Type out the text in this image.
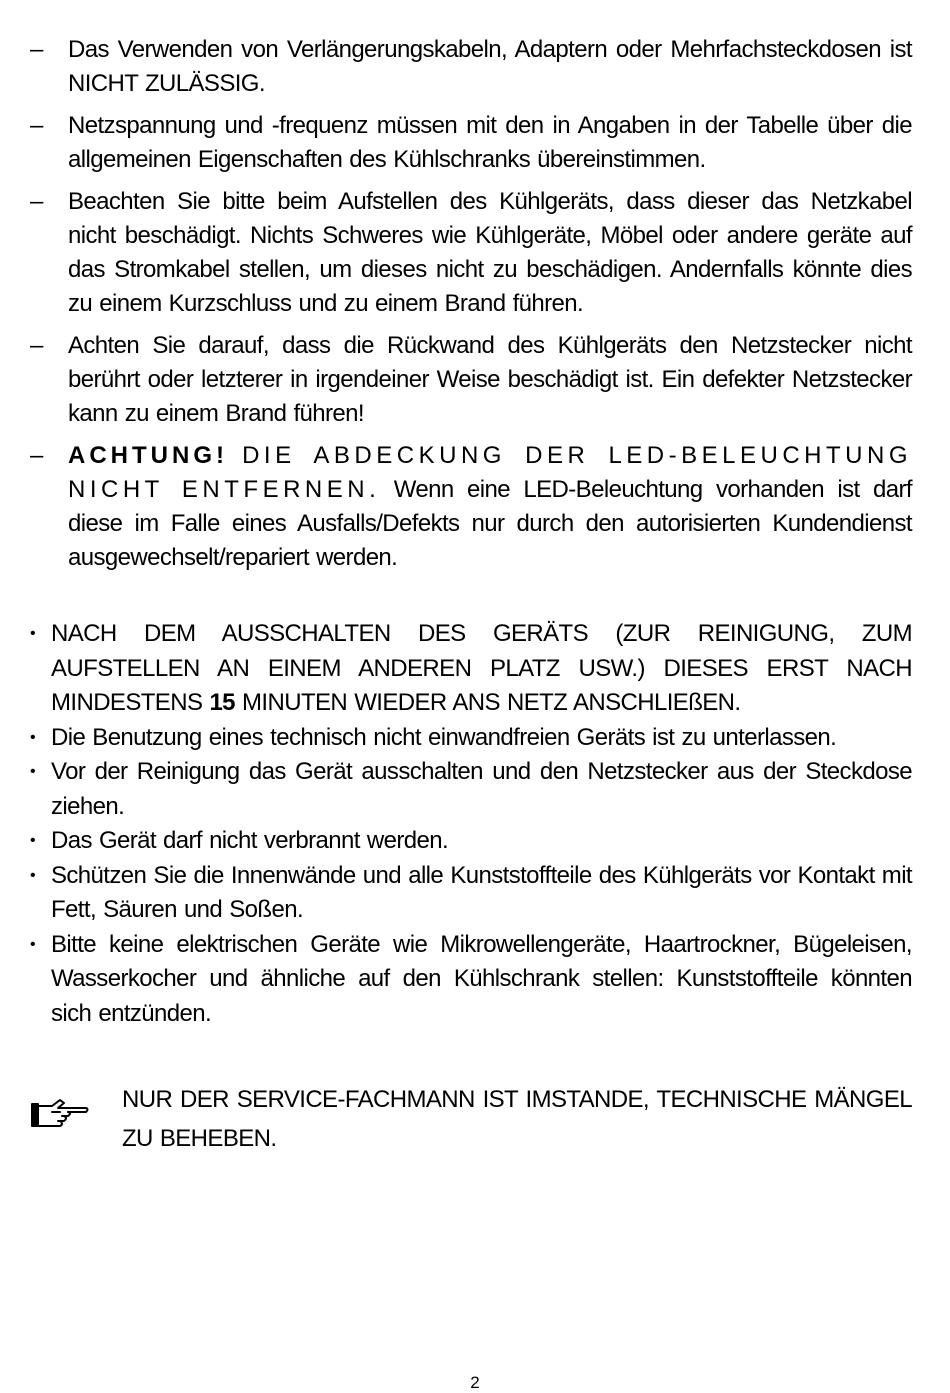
–	Das Verwenden von Verlängerungskabeln, Adaptern oder Mehrfachsteckdosen ist NICHT ZULÄSSIG.
–	Netzspannung und -frequenz müssen mit den in Angaben in der Tabelle über die allgemeinen Eigenschaften des Kühlschranks übereinstimmen.
–	Beachten Sie bitte beim Aufstellen des Kühlgeräts, dass dieser das Netzkabel nicht beschädigt. Nichts Schweres wie Kühlgeräte, Möbel oder andere geräte auf das Stromkabel stellen, um dieses nicht zu beschädigen. Andernfalls könnte dies zu einem Kurzschluss und zu einem Brand führen.
–	Achten Sie darauf, dass die Rückwand des Kühlgeräts den Netzstecker nicht berührt oder letzterer in irgendeiner Weise beschädigt ist. Ein defekter Netzstecker kann zu einem Brand führen!
–	ACHTUNG! DIE ABDECKUNG DER LED-BELEUCHTUNG NICHT ENTFERNEN. Wenn eine LED-Beleuchtung vorhanden ist darf diese im Falle eines Ausfalls/Defekts nur durch den autorisierten Kundendienst ausgewechselt/repariert werden.
• NACH DEM AUSSCHALTEN DES GERÄTS (ZUR REINIGUNG, ZUM AUFSTELLEN AN EINEM ANDEREN PLATZ USW.) DIESES ERST NACH MINDESTENS 15 MINUTEN WIEDER ANS NETZ ANSCHLIEßEN.
• Die Benutzung eines technisch nicht einwandfreien Geräts ist zu unterlassen.
• Vor der Reinigung das Gerät ausschalten und den Netzstecker aus der Steckdose ziehen.
• Das Gerät darf nicht verbrannt werden.
• Schützen Sie die Innenwände und alle Kunststoffteile des Kühlgeräts vor Kontakt mit Fett, Säuren und Soßen.
• Bitte keine elektrischen Geräte wie Mikrowellengeräte, Haartrockner, Bügeleisen, Wasserkocher und ähnliche auf den Kühlschrank stellen: Kunststoffteile könnten sich entzünden.
NUR DER SERVICE-FACHMANN IST IMSTANDE, TECHNISCHE MÄNGEL ZU BEHEBEN.
2
